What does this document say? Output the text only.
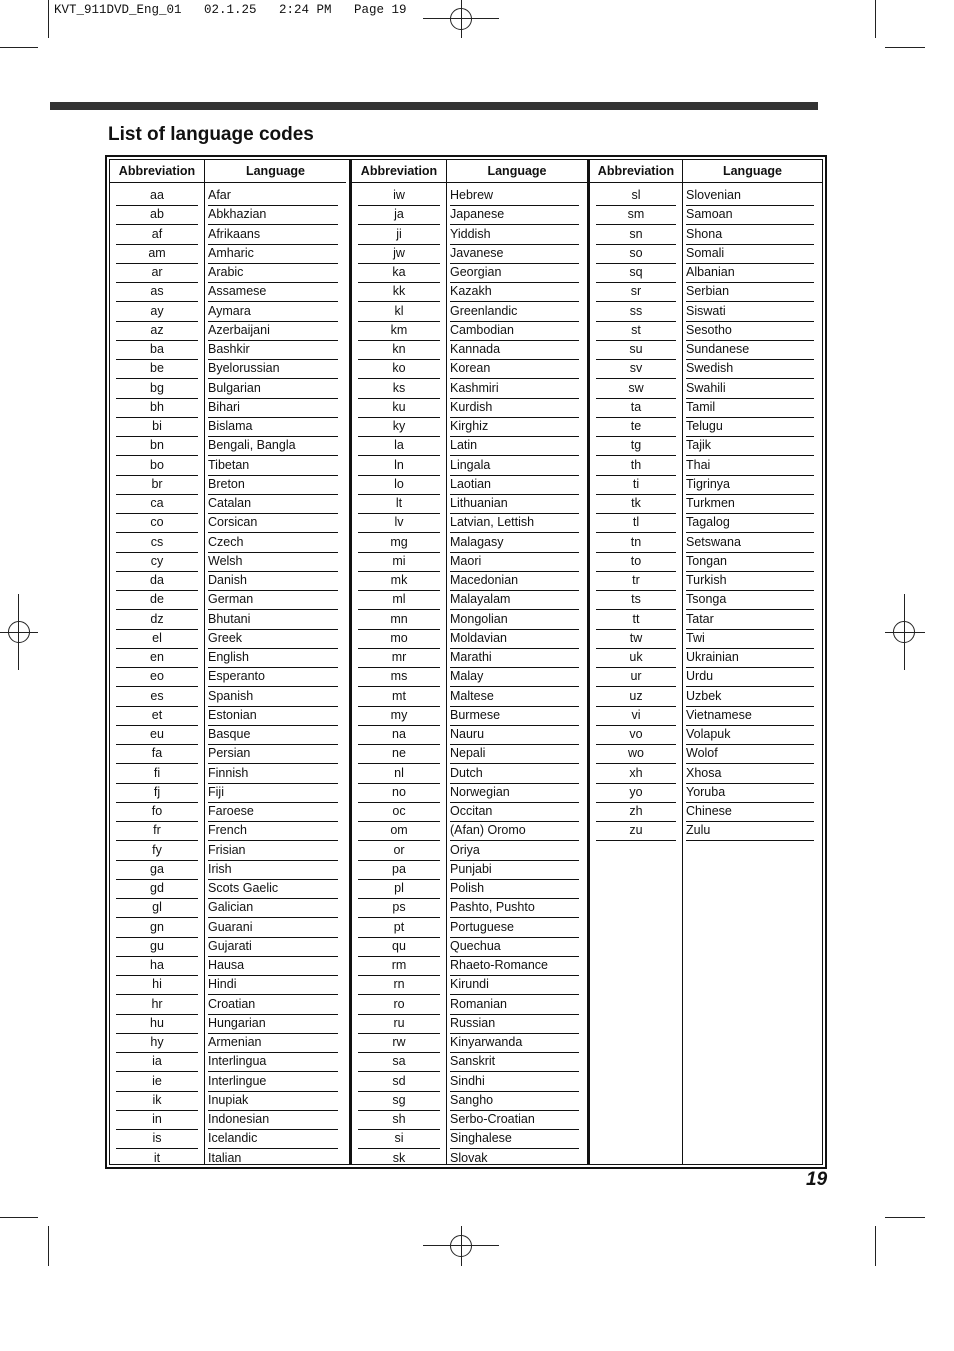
KVT_911DVD_Eng_01   02.1.25   2:24 PM   Page 19
List of language codes
Abbreviation	Language
aa	Afar
ab	Abkhazian
af	Afrikaans
am	Amharic
ar	Arabic
as	Assamese
ay	Aymara
az	Azerbaijani
ba	Bashkir
be	Byelorussian
bg	Bulgarian
bh	Bihari
bi	Bislama
bn	Bengali, Bangla
bo	Tibetan
br	Breton
ca	Catalan
co	Corsican
cs	Czech
cy	Welsh
da	Danish
de	German
dz	Bhutani
el	Greek
en	English
eo	Esperanto
es	Spanish
et	Estonian
eu	Basque
fa	Persian
fi	Finnish
fj	Fiji
fo	Faroese
fr	French
fy	Frisian
ga	Irish
gd	Scots Gaelic
gl	Galician
gn	Guarani
gu	Gujarati
ha	Hausa
hi	Hindi
hr	Croatian
hu	Hungarian
hy	Armenian
ia	Interlingua
ie	Interlingue
ik	Inupiak
in	Indonesian
is	Icelandic
it	Italian
Abbreviation	Language
iw	Hebrew
ja	Japanese
ji	Yiddish
jw	Javanese
ka	Georgian
kk	Kazakh
kl	Greenlandic
km	Cambodian
kn	Kannada
ko	Korean
ks	Kashmiri
ku	Kurdish
ky	Kirghiz
la	Latin
ln	Lingala
lo	Laotian
lt	Lithuanian
lv	Latvian, Lettish
mg	Malagasy
mi	Maori
mk	Macedonian
ml	Malayalam
mn	Mongolian
mo	Moldavian
mr	Marathi
ms	Malay
mt	Maltese
my	Burmese
na	Nauru
ne	Nepali
nl	Dutch
no	Norwegian
oc	Occitan
om	(Afan) Oromo
or	Oriya
pa	Punjabi
pl	Polish
ps	Pashto, Pushto
pt	Portuguese
qu	Quechua
rm	Rhaeto-Romance
rn	Kirundi
ro	Romanian
ru	Russian
rw	Kinyarwanda
sa	Sanskrit
sd	Sindhi
sg	Sangho
sh	Serbo-Croatian
si	Singhalese
sk	Slovak
Abbreviation	Language
sl	Slovenian
sm	Samoan
sn	Shona
so	Somali
sq	Albanian
sr	Serbian
ss	Siswati
st	Sesotho
su	Sundanese
sv	Swedish
sw	Swahili
ta	Tamil
te	Telugu
tg	Tajik
th	Thai
ti	Tigrinya
tk	Turkmen
tl	Tagalog
tn	Setswana
to	Tongan
tr	Turkish
ts	Tsonga
tt	Tatar
tw	Twi
uk	Ukrainian
ur	Urdu
uz	Uzbek
vi	Vietnamese
vo	Volapuk
wo	Wolof
xh	Xhosa
yo	Yoruba
zh	Chinese
zu	Zulu
19
